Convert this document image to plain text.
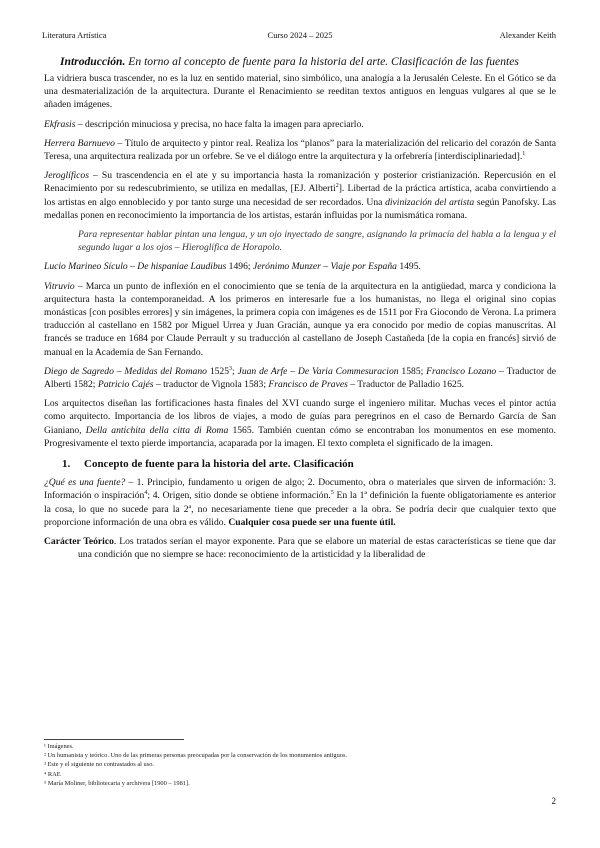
Literatura Artística	Curso 2024 – 2025	Alexander Keith
Introducción. En torno al concepto de fuente para la historia del arte. Clasificación de las fuentes

La vidriera busca trascender, no es la luz en sentido material, sino simbólico, una analogía a la Jerusalén Celeste. En el Gótico se da una desmaterialización de la arquitectura. Durante el Renacimiento se reeditan textos antiguos en lenguas vulgares al que se le añaden imágenes.

Ekfrasis – descripción minuciosa y precisa, no hace falta la imagen para apreciarlo.

Herrera Barnuevo – Título de arquitecto y pintor real. Realiza los “planos” para la materialización del relicario del corazón de Santa Teresa, una arquitectura realizada por un orfebre. Se ve el diálogo entre la arquitectura y la orfebrería [interdisciplinariedad].$^1$

Jeroglíficos – Su trascendencia en el ate y su importancia hasta la romanización y posterior cristianización. Repercusión en el Renacimiento por su redescubrimiento, se utiliza en medallas, [EJ. Alberti$^2$]. Libertad de la práctica artística, acaba convirtiendo a los artistas en algo ennoblecido y por tanto surge una necesidad de ser recordados. Una divinización del artista según Panofsky. Las medallas ponen en reconocimiento la importancia de los artistas, estarán influidas por la numismática romana.

Para representar hablar pintan una lengua, y un ojo inyectado de sangre, asignando la primacía del habla a la lengua y el segundo lugar a los ojos – Hieroglífica de Horapolo.

Lucio Marineo Sículo – De hispaniae Laudibus 1496; Jerónimo Munzer – Viaje por España 1495.

Vitruvio – Marca un punto de inflexión en el conocimiento que se tenía de la arquitectura en la antigüedad, marca y condiciona la arquitectura hasta la contemporaneidad. A los primeros en interesarle fue a los humanistas, no llega el original sino copias monásticas [con posibles errores] y sin imágenes, la primera copia con imágenes es de 1511 por Fra Giocondo de Verona. La primera traducción al castellano en 1582 por Miguel Urrea y Juan Gracián, aunque ya era conocido por medio de copias manuscritas. Al francés se traduce en 1684 por Claude Perrault y su traducción al castellano de Joseph Castañeda [de la copia en francés] sirvió de manual en la Academia de San Fernando.

Diego de Sagredo – Medidas del Romano 1525$^3$; Juan de Arfe – De Varia Commesuracion 1585; Francisco Lozano – Traductor de Alberti 1582; Patricio Cajés – traductor de Vignola 1583; Francisco de Praves – Traductor de Palladio 1625.

Los arquitectos diseñan las fortificaciones hasta finales del XVI cuando surge el ingeniero militar. Muchas veces el pintor actúa como arquitecto. Importancia de los libros de viajes, a modo de guías para peregrinos en el caso de Bernardo García de San Gianiano, Della antichita della citta di Roma 1565. También cuentan cómo se encontraban los monumentos en ese momento. Progresivamente el texto pierde importancia, acaparada por la imagen. El texto completa el significado de la imagen.

1. Concepto de fuente para la historia del arte. Clasificación

¿Qué es una fuente? – 1. Principio, fundamento u origen de algo; 2. Documento, obra o materiales que sirven de información: 3. Información o inspiración$^4$; 4. Origen, sitio donde se obtiene información.$^5$ En la 1ª definición la fuente obligatoriamente es anterior la cosa, lo que no sucede para la 2ª, no necesariamente tiene que preceder a la obra. Se podría decir que cualquier texto que proporcione información de una obra es válido. Cualquier cosa puede ser una fuente útil.

Carácter Teórico. Los tratados serían el mayor exponente. Para que se elabore un material de estas características se tiene que dar una condición que no siempre se hace: reconocimiento de la artisticidad y la liberalidad de

¹ Imágenes.
² Un humanista y teórico. Uno de las primeras personas preocupadas por la conservación de los monumentos antiguos.
³ Este y el siguiente no contrastados al uso.
⁴ RAE
⁵ María Moliner, bibliotecaria y archivera [1900 – 1981].
2
